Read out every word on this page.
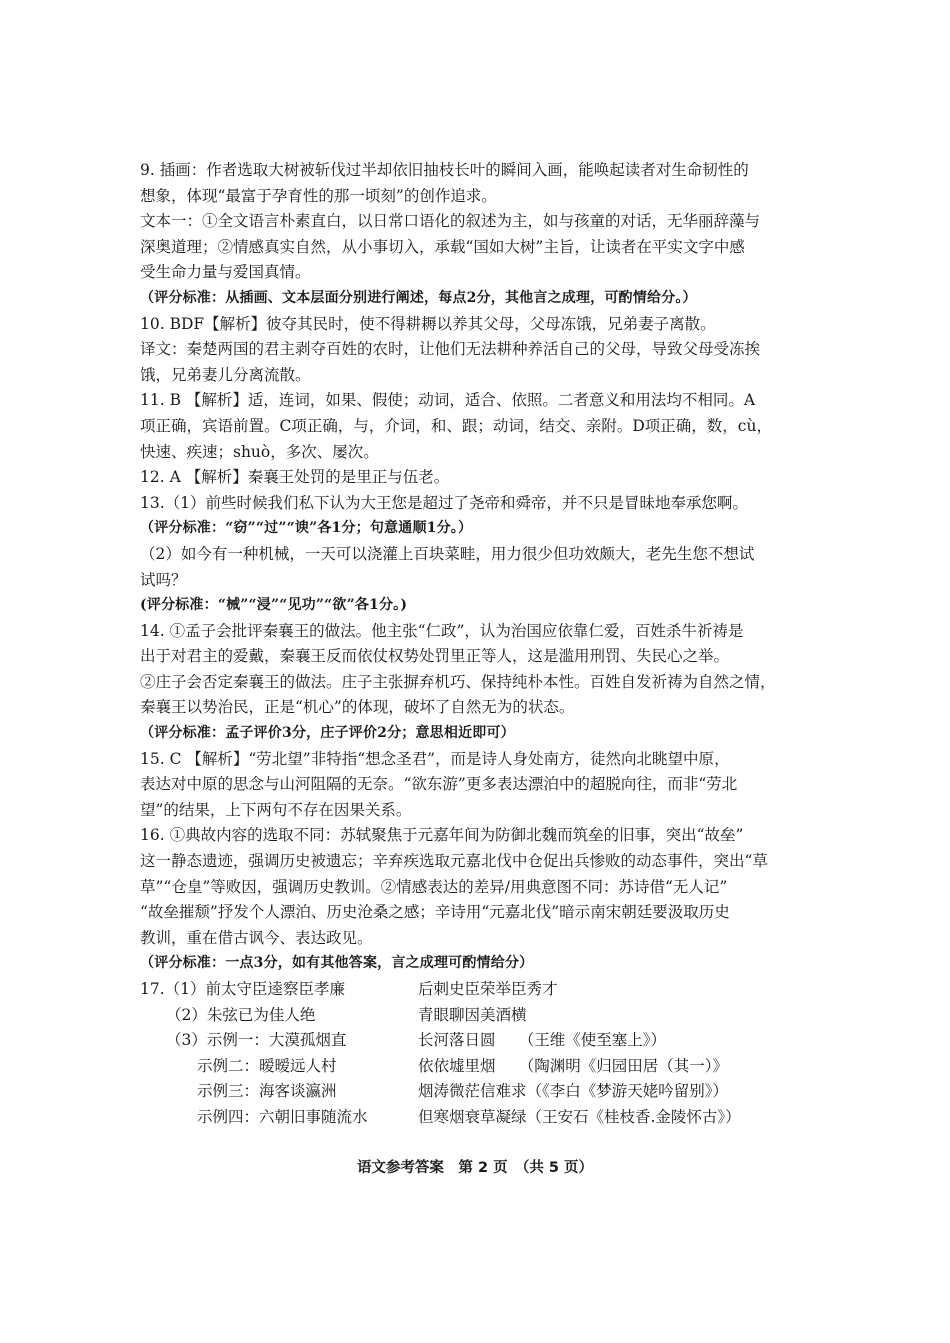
9. 插画：作者选取大树被斩伐过半却依旧抽枝长叶的瞬间入画，能唤起读者对生命韧性的
想象，体现“最富于孕育性的那一顷刻”的创作追求。
文本一：①全文语言朴素直白，以日常口语化的叙述为主，如与孩童的对话，无华丽辞藻与
深奥道理；②情感真实自然，从小事切入，承载“国如大树”主旨，让读者在平实文字中感
受生命力量与爱国真情。
（评分标准：从插画、文本层面分别进行阐述，每点2分，其他言之成理，可酌情给分。）
10. BDF【解析】彼夺其民时，使不得耕耨以养其父母，父母冻饿，兄弟妻子离散。
译文：秦楚两国的君主剥夺百姓的农时，让他们无法耕种养活自己的父母，导致父母受冻挨
饿，兄弟妻儿分离流散。
11. B 【解析】适，连词，如果、假使；动词，适合、依照。二者意义和用法均不相同。A
项正确，宾语前置。C项正确，与，介词，和、跟；动词，结交、亲附。D项正确，数，cù，
快速、疾速；shuò，多次、屡次。
12. A 【解析】秦襄王处罚的是里正与伍老。
13.（1）前些时候我们私下认为大王您是超过了尧帝和舜帝，并不只是冒昧地奉承您啊。
（评分标准：“窃”“过”“谀”各1分；句意通顺1分。）
（2）如今有一种机械，一天可以浇灌上百块菜畦，用力很少但功效颇大，老先生您不想试
试吗？
(评分标准：“械”“浸”“见功”“欲”各1分。)
14. ①孟子会批评秦襄王的做法。他主张“仁政”，认为治国应依靠仁爱，百姓杀牛祈祷是
出于对君主的爱戴，秦襄王反而依仗权势处罚里正等人，这是滥用刑罚、失民心之举。
②庄子会否定秦襄王的做法。庄子主张摒弃机巧、保持纯朴本性。百姓自发祈祷为自然之情，
秦襄王以势治民，正是“机心”的体现，破坏了自然无为的状态。
（评分标准：孟子评价3分，庄子评价2分；意思相近即可）
15. C 【解析】“劳北望”非特指“想念圣君”，而是诗人身处南方，徒然向北眺望中原，
表达对中原的思念与山河阻隔的无奈。“欲东游”更多表达漂泊中的超脱向往，而非“劳北
望”的结果，上下两句不存在因果关系。
16. ①典故内容的选取不同：苏轼聚焦于元嘉年间为防御北魏而筑垒的旧事，突出“故垒”
这一静态遗迹，强调历史被遗忘；辛弃疾选取元嘉北伐中仓促出兵惨败的动态事件，突出“草
草”“仓皇”等败因，强调历史教训。②情感表达的差异/用典意图不同：苏诗借“无人记”
“故垒摧颓”抒发个人漂泊、历史沧桑之感；辛诗用“元嘉北伐”暗示南宋朝廷要汲取历史
教训，重在借古讽今、表达政见。
（评分标准：一点3分，如有其他答案，言之成理可酌情给分）
17.（1）前太守臣逵察臣孝廉	后刺史臣荣举臣秀才
（2）朱弦已为佳人绝	青眼聊因美酒横
（3）示例一：大漠孤烟直	长河落日圆　　（王维《使至塞上》）
示例二：暧暧远人村	依依墟里烟　　（陶渊明《归园田居（其一）》
示例三：海客谈瀛洲	烟涛微茫信难求（《李白《梦游天姥吟留别》）
示例四：六朝旧事随流水	但寒烟衰草凝绿（王安石《桂枝香.金陵怀古》）
语文参考答案　第 2 页　（共 5 页）
